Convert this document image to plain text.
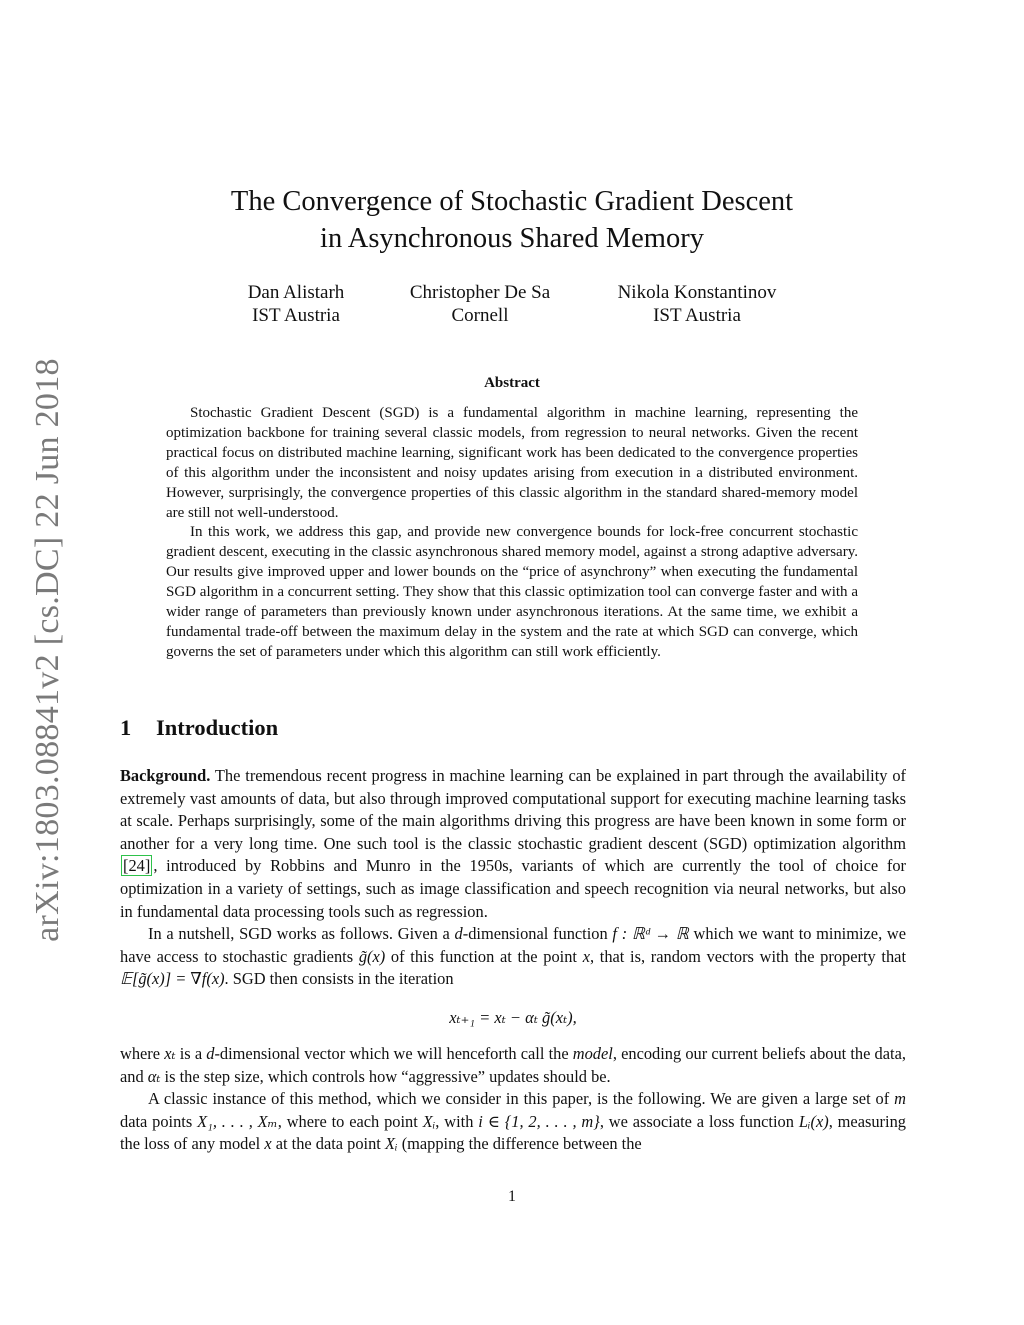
arXiv:1803.08841v2 [cs.DC] 22 Jun 2018
The Convergence of Stochastic Gradient Descent
in Asynchronous Shared Memory
Dan Alistarh
IST Austria
Christopher De Sa
Cornell
Nikola Konstantinov
IST Austria
Abstract

Stochastic Gradient Descent (SGD) is a fundamental algorithm in machine learning, representing the optimization backbone for training several classic models, from regression to neural networks. Given the recent practical focus on distributed machine learning, significant work has been dedicated to the convergence properties of this algorithm under the inconsistent and noisy updates arising from execution in a distributed environment. However, surprisingly, the convergence properties of this classic algorithm in the standard shared-memory model are still not well-understood.

In this work, we address this gap, and provide new convergence bounds for lock-free concurrent stochastic gradient descent, executing in the classic asynchronous shared memory model, against a strong adaptive adversary. Our results give improved upper and lower bounds on the “price of asynchrony” when executing the fundamental SGD algorithm in a concurrent setting. They show that this classic optimization tool can converge faster and with a wider range of parameters than previously known under asynchronous iterations. At the same time, we exhibit a fundamental trade-off between the maximum delay in the system and the rate at which SGD can converge, which governs the set of parameters under which this algorithm can still work efficiently.

1 Introduction

Background. The tremendous recent progress in machine learning can be explained in part through the availability of extremely vast amounts of data, but also through improved computational support for executing machine learning tasks at scale. Perhaps surprisingly, some of the main algorithms driving this progress are have been known in some form or another for a very long time. One such tool is the classic stochastic gradient descent (SGD) optimization algorithm [24] , introduced by Robbins and Munro in the 1950s, variants of which are currently the tool of choice for optimization in a variety of settings, such as image classification and speech recognition via neural networks, but also in fundamental data processing tools such as regression.

In a nutshell, SGD works as follows. Given a d-dimensional function f : ℝᵈ → ℝ which we want to minimize, we have access to stochastic gradients g̃(x) of this function at the point x, that is, random vectors with the property that 𝔼[g̃(x)] = ∇f(x). SGD then consists in the iteration

xₜ₊₁ = xₜ − αₜ g̃(xₜ),

where xₜ is a d-dimensional vector which we will henceforth call the model, encoding our current beliefs about the data, and αₜ is the step size, which controls how “aggressive” updates should be.

A classic instance of this method, which we consider in this paper, is the following. We are given a large set of m data points X₁, . . . , Xₘ, where to each point Xᵢ, with i ∈ {1, 2, . . . , m}, we associate a loss function Lᵢ(x), measuring the loss of any model x at the data point Xᵢ (mapping the difference between the

1
